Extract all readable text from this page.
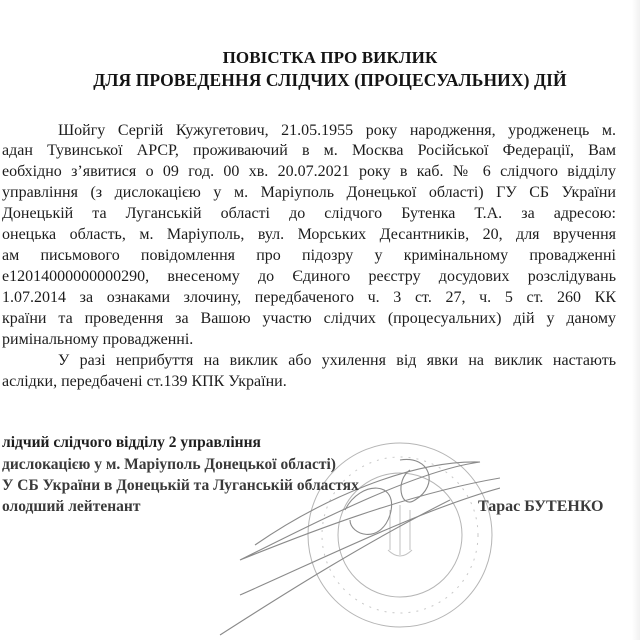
ПОВІСТКА ПРО ВИКЛИК
ДЛЯ ПРОВЕДЕННЯ СЛІДЧИХ (ПРОЦЕСУАЛЬНИХ) ДІЙ
Шойгу Сергій Кужугетович, 21.05.1955 року народження, уродженець м.
адан Тувинської АРСР, проживаючий в м. Москва Російської Федерації, Вам
еобхідно з’явитися о 09 год. 00 хв. 20.07.2021 року в каб. № 6 слідчого відділу
управління (з дислокацією у м. Маріуполь Донецької області) ГУ СБ України
Донецькій та Луганській області до слідчого Бутенка Т.А. за адресою:
онецька область, м. Маріуполь, вул. Морських Десантників, 20, для вручення
ам письмового повідомлення про підозру у кримінальному провадженні
е12014000000000290, внесеному до Єдиного реєстру досудових розслідувань
1.07.2014 за ознаками злочину, передбаченого ч. 3 ст. 27, ч. 5 ст. 260 КК
країни та проведення за Вашою участю слідчих (процесуальних) дій у даному
римінальному провадженні.
У разі неприбуття на виклик або ухилення від явки на виклик настають
аслідки, передбачені ст.139 КПК України.
лідчий слідчого відділу 2 управління
дислокацією у м. Маріуполь Донецької області)
У СБ України в Донецькій та Луганській областях
олодший лейтенант	Тарас БУТЕНКО
